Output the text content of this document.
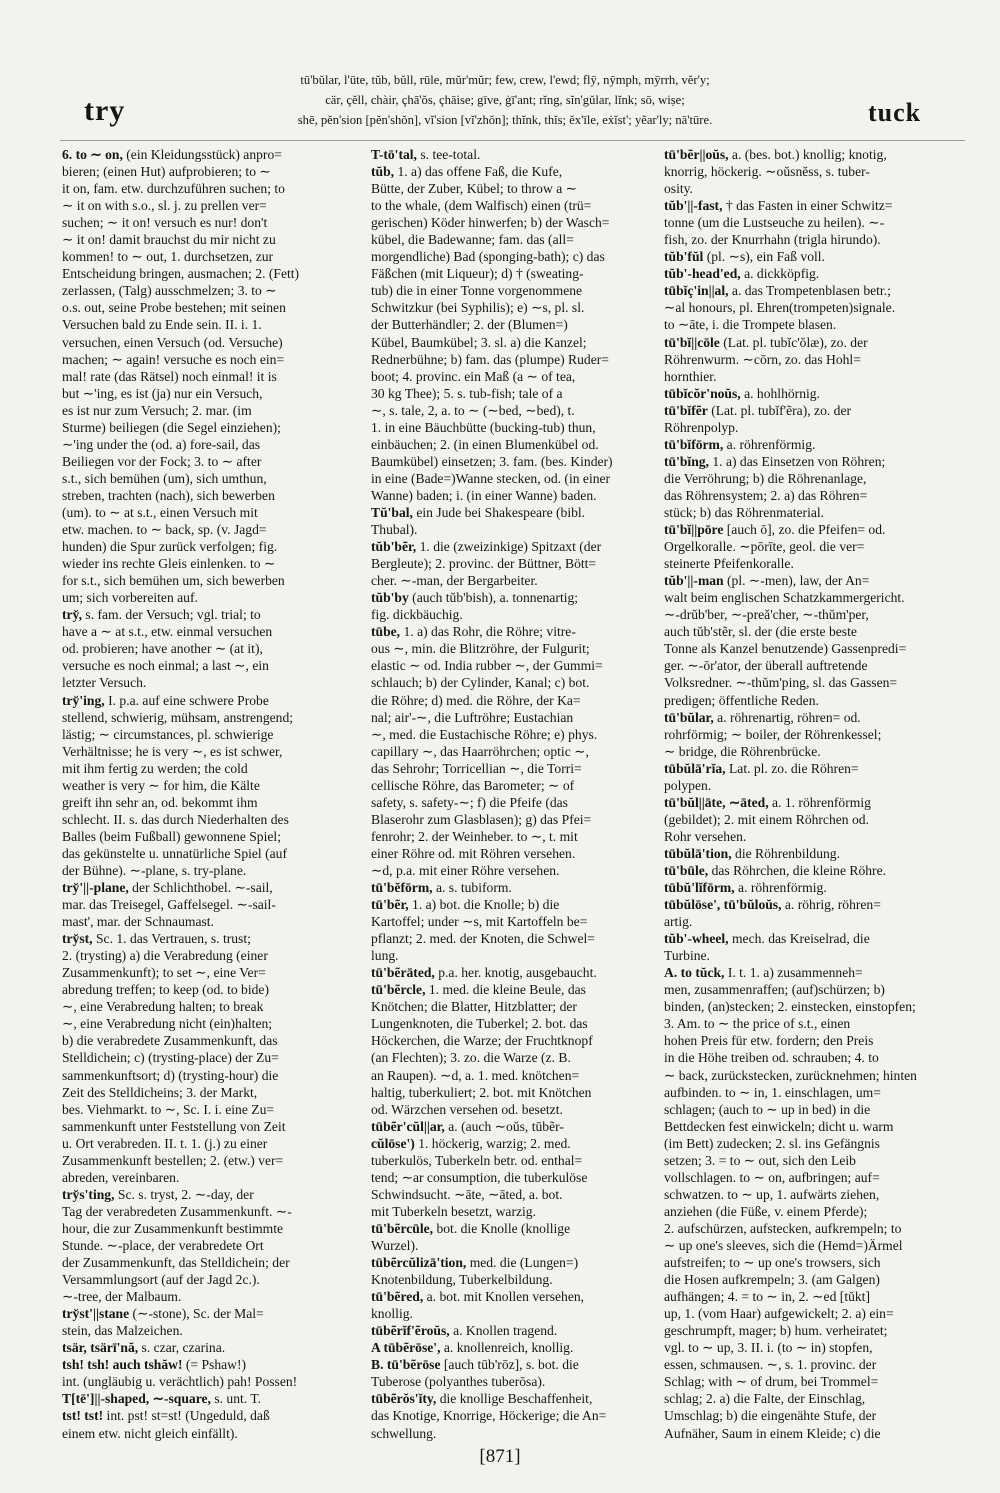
try
tū'bŭlar, l'ūte, tŭb, bŭll, rūle, mŭr'mŭr; few, crew, l'ewd; flȳ, nȳmph, mȳrrh, vĕr'y;
cär, çĕll, chàir, çhā'ŏs, çhāise; gīve, ġī'ant; rĭng, sĭn'gŭlar, lĭnk; sō, wiṣe;
shē, pĕn'sion [pĕn'shŏn], vĭ'sion [vĭ'zhŏn]; thĭnk, thĭs; ĕx'īle, eẋĭst'; yẽar'ly; nā'tūre.	tuck
6. to ∼ on, (ein Kleidungsstück) anpro=
bieren; (einen Hut) aufprobieren; to ∼
it on, fam. etw. durchzuführen suchen; to
∼ it on with s.o., sl. j. zu prellen ver=
suchen; ∼ it on! versuch es nur! don't
∼ it on! damit brauchst du mir nicht zu
kommen! to ∼ out, 1. durchsetzen, zur
Entscheidung bringen, ausmachen; 2. (Fett)
zerlassen, (Talg) ausschmelzen; 3. to ∼
o.s. out, seine Probe bestehen; mit seinen
Versuchen bald zu Ende sein. II. i. 1.
versuchen, einen Versuch (od. Versuche)
machen; ∼ again! versuche es noch ein=
mal! rate (das Rätsel) noch einmal! it is
but ∼'ing, es ist (ja) nur ein Versuch,
es ist nur zum Versuch; 2. mar. (im
Sturme) beiliegen (die Segel einziehen);
∼'ing under the (od. a) fore-sail, das
Beiliegen vor der Fock; 3. to ∼ after
s.t., sich bemühen (um), sich umthun,
streben, trachten (nach), sich bewerben
(um). to ∼ at s.t., einen Versuch mit
etw. machen. to ∼ back, sp. (v. Jagd=
hunden) die Spur zurück verfolgen; fig.
wieder ins rechte Gleis einlenken. to ∼
for s.t., sich bemühen um, sich bewerben
um; sich vorbereiten auf.
try̆, s. fam. der Versuch; vgl. trial; to
have a ∼ at s.t., etw. einmal versuchen
od. probieren; have another ∼ (at it),
versuche es noch einmal; a last ∼, ein
letzter Versuch.
try̆'ing, I. p.a. auf eine schwere Probe
stellend, schwierig, mühsam, anstrengend;
lästig; ∼ circumstances, pl. schwierige
Verhältnisse; he is very ∼, es ist schwer,
mit ihm fertig zu werden; the cold
weather is very ∼ for him, die Kälte
greift ihn sehr an, od. bekommt ihm
schlecht. II. s. das durch Niederhalten des
Balles (beim Fußball) gewonnene Spiel;
das gekünstelte u. unnatürliche Spiel (auf
der Bühne). ∼-plane, s. try-plane.
try̆'||-plane, der Schlichthobel. ∼-sail,
mar. das Treisegel, Gaffelsegel. ∼-sail-
mast', mar. der Schnaumast.
try̆st, Sc. 1. das Vertrauen, s. trust;
2. (trysting) a) die Verabredung (einer
Zusammenkunft); to set ∼, eine Ver=
abredung treffen; to keep (od. to bide)
∼, eine Verabredung halten; to break
∼, eine Verabredung nicht (ein)halten;
b) die verabredete Zusammenkunft, das
Stelldichein; c) (trysting-place) der Zu=
sammenkunftsort; d) (trysting-hour) die
Zeit des Stelldicheins; 3. der Markt,
bes. Viehmarkt. to ∼, Sc. I. i. eine Zu=
sammenkunft unter Feststellung von Zeit
u. Ort verabreden. II. t. 1. (j.) zu einer
Zusammenkunft bestellen; 2. (etw.) ver=
abreden, vereinbaren.
try̆s'ting, Sc. s. tryst, 2. ∼-day, der
Tag der verabredeten Zusammenkunft. ∼-
hour, die zur Zusammenkunft bestimmte
Stunde. ∼-place, der verabredete Ort
der Zusammenkunft, das Stelldichein; der
Versammlungsort (auf der Jagd 2c.).
∼-tree, der Malbaum.
try̆st'||stane (∼-stone), Sc. der Mal=
stein, das Malzeichen.
tsär, tsärī'nă, s. czar, czarina.
tsh! tsh! auch tshăw! (= Pshaw!)
int. (ungläubig u. verächtlich) pah! Possen!
T[tē']||-shaped, ∼-square, s. unt. T.
tst! tst! int. pst! st=st! (Ungeduld, daß
einem etw. nicht gleich einfällt).
T-tō'tal, s. tee-total.
tŭb, 1. a) das offene Faß, die Kufe,
Bütte, der Zuber, Kübel; to throw a ∼
to the whale, (dem Walfisch) einen (trü=
gerischen) Köder hinwerfen; b) der Wasch=
kübel, die Badewanne; fam. das (all=
morgendliche) Bad (sponging-bath); c) das
Fäßchen (mit Liqueur); d) † (sweating-
tub) die in einer Tonne vorgenommene
Schwitzkur (bei Syphilis); e) ∼s, pl. sl.
der Butterhändler; 2. der (Blumen=)
Kübel, Baumkübel; 3. sl. a) die Kanzel;
Rednerbühne; b) fam. das (plumpe) Ruder=
boot; 4. provinc. ein Maß (a ∼ of tea,
30 kg Thee); 5. s. tub-fish; tale of a
∼, s. tale, 2, a. to ∼ (∼bed, ∼bed), t.
1. in eine Bäuchbütte (bucking-tub) thun,
einbäuchen; 2. (in einen Blumenkübel od.
Baumkübel) einsetzen; 3. fam. (bes. Kinder)
in eine (Bade=)Wanne stecken, od. (in einer
Wanne) baden; i. (in einer Wanne) baden.
Tŭ'bal, ein Jude bei Shakespeare (bibl.
Thubal).
tŭb'bẽr, 1. die (zweizinkige) Spitzaxt (der
Bergleute); 2. provinc. der Büttner, Bött=
cher. ∼-man, der Bergarbeiter.
tŭb'by (auch tŭb'bish), a. tonnenartig;
fig. dickbäuchig.
tūbe, 1. a) das Rohr, die Röhre; vitre-
ous ∼, min. die Blitzröhre, der Fulgurit;
elastic ∼ od. India rubber ∼, der Gummi=
schlauch; b) der Cylinder, Kanal; c) bot.
die Röhre; d) med. die Röhre, der Ka=
nal; air'-∼, die Luftröhre; Eustachian
∼, med. die Eustachische Röhre; e) phys.
capillary ∼, das Haarröhrchen; optic ∼,
das Sehrohr; Torricellian ∼, die Torri=
cellische Röhre, das Barometer; ∼ of
safety, s. safety-∼; f) die Pfeife (das
Blaserohr zum Glasblasen); g) das Pfei=
fenrohr; 2. der Weinheber. to ∼, t. mit
einer Röhre od. mit Röhren versehen.
∼d, p.a. mit einer Röhre versehen.
tū'bĕfōrm, a. s. tubiform.
tū'bẽr, 1. a) bot. die Knolle; b) die
Kartoffel; under ∼s, mit Kartoffeln be=
pflanzt; 2. med. der Knoten, die Schwel=
lung.
tū'bẽrāted, p.a. her. knotig, ausgebaucht.
tū'bẽrcle, 1. med. die kleine Beule, das
Knötchen; die Blatter, Hitzblatter; der
Lungenknoten, die Tuberkel; 2. bot. das
Höckerchen, die Warze; der Fruchtknopf
(an Flechten); 3. zo. die Warze (z. B.
an Raupen). ∼d, a. 1. med. knötchen=
haltig, tuberkuliert; 2. bot. mit Knötchen
od. Wärzchen versehen od. besetzt.
tūbẽr'cŭl||ar, a. (auch ∼oŭs, tūbẽr-
cŭlōse') 1. höckerig, warzig; 2. med.
tuberkulös, Tuberkeln betr. od. enthal=
tend; ∼ar consumption, die tuberkulöse
Schwindsucht. ∼āte, ∼āted, a. bot.
mit Tuberkeln besetzt, warzig.
tū'bẽrcūle, bot. die Knolle (knollige
Wurzel).
tūbẽrcŭlizā'tion, med. die (Lungen=)
Knotenbildung, Tuberkelbildung.
tū'bẽred, a. bot. mit Knollen versehen,
knollig.
tūbẽrĭf'ẽroŭs, a. Knollen tragend.
A tūbẽrōse', a. knollenreich, knollig.
B. tū'bẽrōse [auch tūb'rōz], s. bot. die
Tuberose (polyanthes tuberōsa).
tūbẽrŏs'ĭty, die knollige Beschaffenheit,
das Knotige, Knorrige, Höckerige; die An=
schwellung.
tū'bẽr||oŭs, a. (bes. bot.) knollig; knotig,
knorrig, höckerig. ∼oŭsnĕss, s. tuber-
osity.
tŭb'||-fast, † das Fasten in einer Schwitz=
tonne (um die Lustseuche zu heilen). ∼-
fish, zo. der Knurrhahn (trigla hirundo).
tŭb'fŭl (pl. ∼s), ein Faß voll.
tŭb'-head'ed, a. dickköpfig.
tūbĭç'in||al, a. das Trompetenblasen betr.;
∼al honours, pl. Ehren(trompeten)signale.
to ∼āte, i. die Trompete blasen.
tū'bĭ||cōle (Lat. pl. tubĭc'ŏlæ), zo. der
Röhrenwurm. ∼cōrn, zo. das Hohl=
hornthier.
tūbĭcŏr'noŭs, a. hohlhörnig.
tū'bĭfẽr (Lat. pl. tubĭf'ẽra), zo. der
Röhrenpolyp.
tū'bĭfōrm, a. röhrenförmig.
tū'bĭng, 1. a) das Einsetzen von Röhren;
die Verröhrung; b) die Röhrenanlage,
das Röhrensystem; 2. a) das Röhren=
stück; b) das Röhrenmaterial.
tū'bĭ||pōre [auch ō], zo. die Pfeifen= od.
Orgelkoralle. ∼pōrīte, geol. die ver=
steinerte Pfeifenkoralle.
tŭb'||-man (pl. ∼-men), law, der An=
walt beim englischen Schatzkammergericht.
∼-drŭb'ber, ∼-preă'cher, ∼-thŭm'per,
auch tŭb'stẽr, sl. der (die erste beste
Tonne als Kanzel benutzende) Gassenpredi=
ger. ∼-ōr'ator, der überall auftretende
Volksredner. ∼-thŭm'ping, sl. das Gassen=
predigen; öffentliche Reden.
tū'bŭlar, a. röhrenartig, röhren= od.
rohrförmig; ∼ boiler, der Röhrenkessel;
∼ bridge, die Röhrenbrücke.
tūbŭlā'rĭa, Lat. pl. zo. die Röhren=
polypen.
tū'bŭl||āte, ∼āted, a. 1. röhrenförmig
(gebildet); 2. mit einem Röhrchen od.
Rohr versehen.
tūbŭlā'tion, die Röhrenbildung.
tū'būle, das Röhrchen, die kleine Röhre.
tūbŭ'lĭfōrm, a. röhrenförmig.
tūbŭlōse', tū'bŭloŭs, a. röhrig, röhren=
artig.
tŭb'-wheel, mech. das Kreiselrad, die
Turbine.
A. to tŭck, I. t. 1. a) zusammenneh=
men, zusammenraffen; (auf)schürzen; b)
binden, (an)stecken; 2. einstecken, einstopfen;
3. Am. to ∼ the price of s.t., einen
hohen Preis für etw. fordern; den Preis
in die Höhe treiben od. schrauben; 4. to
∼ back, zurückstecken, zurücknehmen; hinten
aufbinden. to ∼ in, 1. einschlagen, um=
schlagen; (auch to ∼ up in bed) in die
Bettdecken fest einwickeln; dicht u. warm
(im Bett) zudecken; 2. sl. ins Gefängnis
setzen; 3. = to ∼ out, sich den Leib
vollschlagen. to ∼ on, aufbringen; auf=
schwatzen. to ∼ up, 1. aufwärts ziehen,
anziehen (die Füße, v. einem Pferde);
2. aufschürzen, aufstecken, aufkrempeln; to
∼ up one's sleeves, sich die (Hemd=)Ärmel
aufstreifen; to ∼ up one's trowsers, sich
die Hosen aufkrempeln; 3. (am Galgen)
aufhängen; 4. = to ∼ in, 2. ∼ed [tŭkt]
up, 1. (vom Haar) aufgewickelt; 2. a) ein=
geschrumpft, mager; b) hum. verheiratet;
vgl. to ∼ up, 3. II. i. (to ∼ in) stopfen,
essen, schmausen. ∼, s. 1. provinc. der
Schlag; with ∼ of drum, bei Trommel=
schlag; 2. a) die Falte, der Einschlag,
Umschlag; b) die eingenähte Stufe, der
Aufnäher, Saum in einem Kleide; c) die
[871]
